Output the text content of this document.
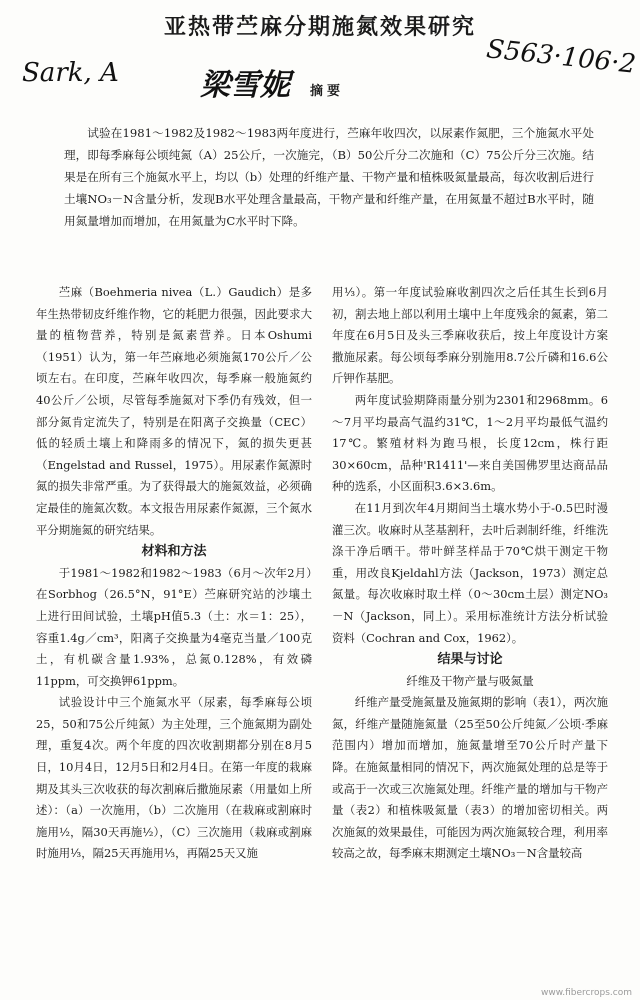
亚热带苎麻分期施氮效果研究
Sark, A	梁雪妮
S563·106·2
摘要
试验在1981～1982及1982～1983两年度进行，苎麻年收四次，以尿素作氮肥，三个施氮水平处理，即每季麻每公顷纯氮（A）25公斤，一次施完，（B）50公斤分二次施和（C）75公斤分三次施。结果是在所有三个施氮水平上，均以（b）处理的纤维产量、干物产量和植株吸氮量最高，每次收割后进行土壤NO₃－N含量分析，发现B水平处理含量最高，干物产量和纤维产量，在用氮量不超过B水平时，随用氮量增加而增加，在用氮量为C水平时下降。

苎麻（Boehmeria nivea（L.）Gaudich）是多年生热带韧皮纤维作物，它的耗肥力很强，因此要求大量的植物营养，特别是氮素营养。日本Oshumi（1951）认为，第一年苎麻地必须施氮170公斤／公顷左右。在印度，苎麻年收四次，每季麻一般施氮约40公斤／公顷，尽管每季施氮对下季仍有残效，但一部分氮肯定流失了，特别是在阳离子交换量（CEC）低的轻质土壤上和降雨多的情况下，氮的损失更甚（Engelstad and Russel，1975）。用尿素作氮源时氮的损失非常严重。为了获得最大的施氮效益，必须确定最佳的施氮次数。本文报告用尿素作氮源，三个氮水平分期施氮的研究结果。

材料和方法

于1981～1982和1982～1983（6月～次年2月）在Sorbhog（26.5°N，91°E）苎麻研究站的沙壤土上进行田间试验，土壤pH值5.3（土：水＝1：25），容重1.4g／cm³，阳离子交换量为4毫克当量／100克土，有机碳含量1.93%，总氮0.128%，有效磷11ppm，可交换钾61ppm。

试验设计中三个施氮水平（尿素，每季麻每公顷25，50和75公斤纯氮）为主处理，三个施氮期为副处理，重复4次。两个年度的四次收割期都分别在8月5日，10月4日，12月5日和2月4日。在第一年度的栽麻期及其头三次收获的每次割麻后撒施尿素（用量如上所述）：（a）一次施用，（b）二次施用（在栽麻或割麻时施用½，隔30天再施½），（C）三次施用（栽麻或割麻时施用⅓，隔25天再施用⅓，再隔25天又施

用⅓）。第一年度试验麻收割四次之后任其生长到6月初，割去地上部以利用土壤中上年度残余的氮素，第二年度在6月5日及头三季麻收获后，按上年度设计方案撒施尿素。每公顷每季麻分别施用8.7公斤磷和16.6公斤钾作基肥。

两年度试验期降雨量分别为2301和2968mm。6～7月平均最高气温约31℃，1～2月平均最低气温约17℃。繁殖材料为跑马根，长度12cm，株行距30×60cm，品种'R1411'—来自美国佛罗里达商品品种的选系，小区面积3.6×3.6m。

在11月到次年4月期间当土壤水势小于-0.5巴时漫灌三次。收麻时从茎基割秆，去叶后剥制纤维，纤维洗涤干净后晒干。带叶鲜茎样品于70℃烘干测定干物重，用改良Kjeldahl方法（Jackson，1973）测定总氮量。每次收麻时取土样（0～30cm土层）测定NO₃－N（Jackson，同上）。采用标准统计方法分析试验资料（Cochran and Cox，1962）。

结果与讨论

纤维及干物产量与吸氮量

纤维产量受施氮量及施氮期的影响（表1），两次施氮，纤维产量随施氮量（25至50公斤纯氮／公顷·季麻范围内）增加而增加，施氮量增至70公斤时产量下降。在施氮量相同的情况下，两次施氮处理的总是等于或高于一次或三次施氮处理。纤维产量的增加与干物产量（表2）和植株吸氮量（表3）的增加密切相关。两次施氮的效果最佳，可能因为两次施氮较合理，利用率较高之故，每季麻末期测定土壤NO₃－N含量较高

www.fibercrops.com
